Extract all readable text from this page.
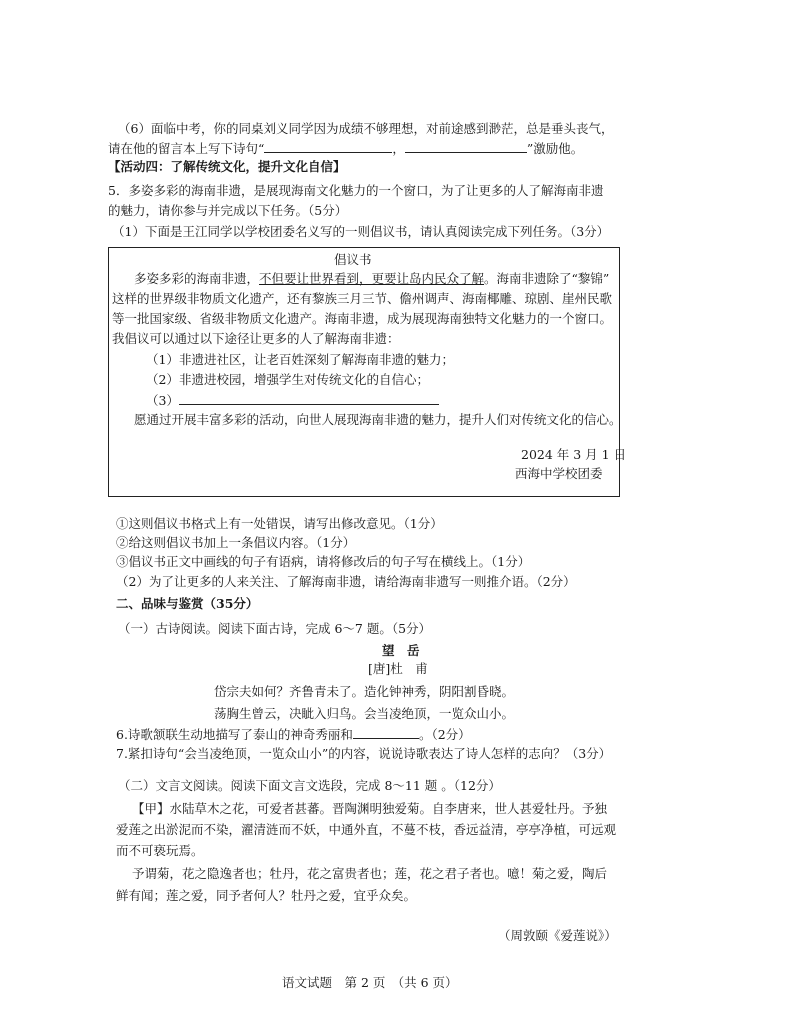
（6）面临中考，你的同桌刘义同学因为成绩不够理想，对前途感到渺茫，总是垂头丧气，
请在他的留言本上写下诗句“	，	”激励他。
【活动四：了解传统文化，提升文化自信】
5．多姿多彩的海南非遗，是展现海南文化魅力的一个窗口，为了让更多的人了解海南非遗
的魅力，请你参与并完成以下任务。（5分）
（1）下面是王江同学以学校团委名义写的一则倡议书，请认真阅读完成下列任务。（3分）
倡议书
多姿多彩的海南非遗，不但要让世界看到，更要让岛内民众了解。海南非遗除了“黎锦”
这样的世界级非物质文化遗产，还有黎族三月三节、儋州调声、海南椰雕、琼剧、崖州民歌
等一批国家级、省级非物质文化遗产。海南非遗，成为展现海南独特文化魅力的一个窗口。
我倡议可以通过以下途径让更多的人了解海南非遗：
（1）非遗进社区，让老百姓深刻了解海南非遗的魅力；
（2）非遗进校园，增强学生对传统文化的自信心；
（3）
愿通过开展丰富多彩的活动，向世人展现海南非遗的魅力，提升人们对传统文化的信心。
2024 年 3 月 1 日
西海中学校团委
①这则倡议书格式上有一处错误，请写出修改意见。（1分）
②给这则倡议书加上一条倡议内容。（1分）
③倡议书正文中画线的句子有语病，请将修改后的句子写在横线上。（1分）
（2）为了让更多的人来关注、了解海南非遗，请给海南非遗写一则推介语。（2分）
二、品味与鉴赏（35分）
（一）古诗阅读。阅读下面古诗，完成 6～7 题。（5分）
望　岳
[唐]杜　甫
岱宗夫如何？齐鲁青未了。造化钟神秀，阴阳割昏晓。
荡胸生曾云，决眦入归鸟。会当凌绝顶，一览众山小。
6.诗歌颔联生动地描写了泰山的神奇秀丽和	。（2分）
7.紧扣诗句“会当凌绝顶，一览众山小”的内容，说说诗歌表达了诗人怎样的志向？（3分）
（二）文言文阅读。阅读下面文言文选段，完成 8～11 题 。（12分）
【甲】水陆草木之花，可爱者甚蕃。晋陶渊明独爱菊。自李唐来，世人甚爱牡丹。予独
爱莲之出淤泥而不染，濯清涟而不妖，中通外直，不蔓不枝，香远益清，亭亭净植，可远观
而不可亵玩焉。
予谓菊，花之隐逸者也；牡丹，花之富贵者也；莲，花之君子者也。噫！菊之爱，陶后
鲜有闻；莲之爱，同予者何人？牡丹之爱，宜乎众矣。
（周敦颐《爱莲说》）
语文试题　第 2 页　（共 6 页）
